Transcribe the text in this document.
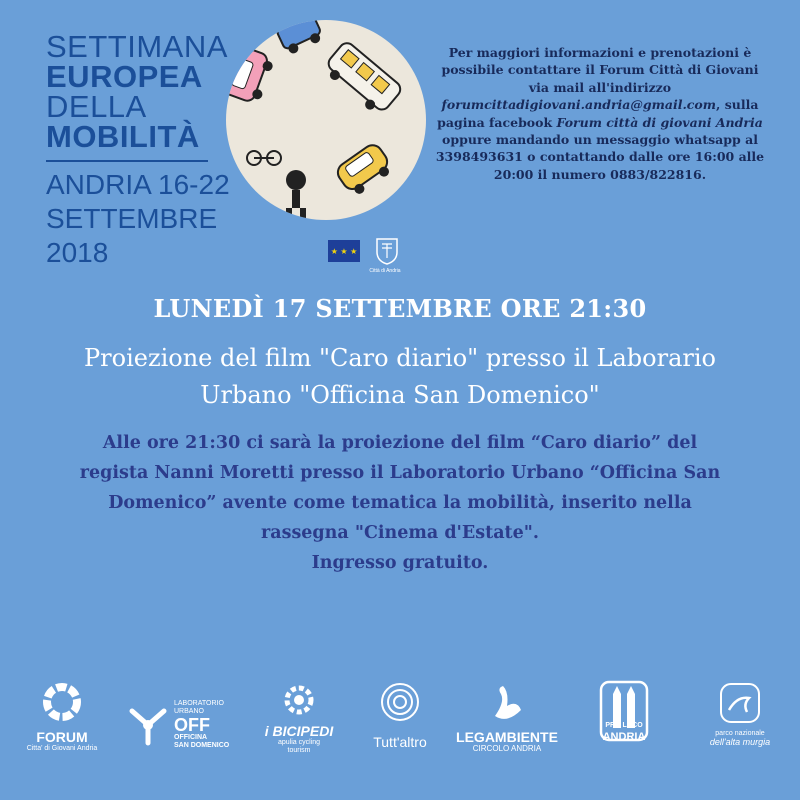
SETTIMANA
EUROPEA
DELLA
MOBILITÀ
ANDRIA 16-22
SETTEMBRE 2018	★ ★ ★
Città di Andria
Per maggiori informazioni e prenotazioni è possibile contattare il Forum Città di Giovani via mail all'indirizzo forumcittadigiovani.andria@gmail.com, sulla pagina facebook Forum città di giovani Andria oppure mandando un messaggio whatsapp al 3398493631 o contattando dalle ore 16:00 alle 20:00 il numero 0883/822816.
LUNEDÌ 17 SETTEMBRE ORE 21:30
Proiezione del film "Caro diario" presso il Laborario
Urbano "Officina San Domenico"
Alle ore 21:30 ci sarà la proiezione del film “Caro diario” del
regista Nanni Moretti presso il Laboratorio Urbano “Officina San
Domenico” avente come tematica la mobilità, inserito nella
rassegna "Cinema d'Estate".
Ingresso gratuito.
FORUM
Citta' di Giovani Andria
LABORATORIO
URBANO
OFF
OFFICINA
SAN DOMENICO
i BICIPEDI
apulia cycling
tourism
Tutt'altro LEGAMBIENTE
CIRCOLO ANDRIA
PRO LOCO
ANDRIA	parco nazionale
dell'alta murgia
